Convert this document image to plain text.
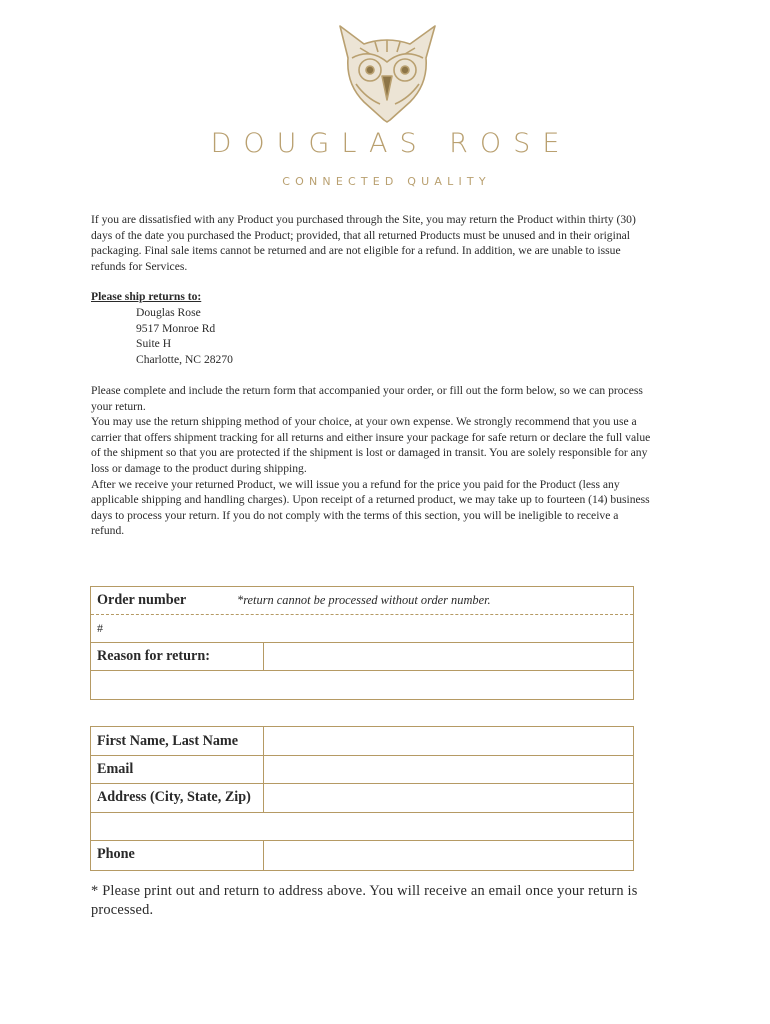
DOUGLAS ROSE
CONNECTED QUALITY

If you are dissatisfied with any Product you purchased through the Site, you may return the Product within thirty (30) days of the date you purchased the Product; provided, that all returned Products must be unused and in their original packaging. Final sale items cannot be returned and are not eligible for a refund. In addition, we are unable to issue refunds for Services.

Please ship returns to:
Douglas Rose
9517 Monroe Rd
Suite H
Charlotte, NC 28270
Please complete and include the return form that accompanied your order, or fill out the form below, so we can process your return.
You may use the return shipping method of your choice, at your own expense. We strongly recommend that you use a carrier that offers shipment tracking for all returns and either insure your package for safe return or declare the full value of the shipment so that you are protected if the shipment is lost or damaged in transit. You are solely responsible for any loss or damage to the product during shipping.
After we receive your returned Product, we will issue you a refund for the price you paid for the Product (less any applicable shipping and handling charges). Upon receipt of a returned product, we may take up to fourteen (14) business days to process your return. If you do not comply with the terms of this section, you will be ineligible to receive a refund.
Order number	*return cannot be processed without order number.
#
Reason for return:
First Name, Last Name
Email
Address (City, State, Zip)
Phone
* Please print out and return to address above. You will receive an email once your return is processed.
